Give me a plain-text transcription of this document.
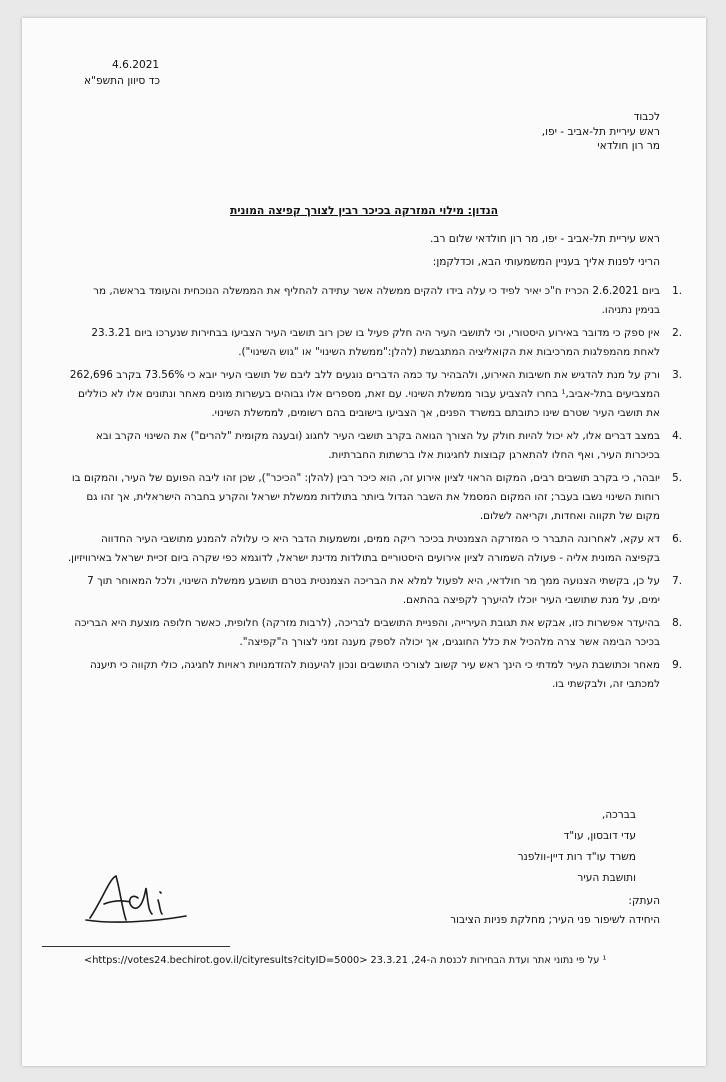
4.6.2021
כד סיוון התשפ"א
לכבוד
ראש עיריית תל-אביב - יפו,
מר רון חולדאי
הנדון: מילוי המזרקה בכיכר רבין לצורך קפיצה המונית
ראש עיריית תל-אביב - יפו, מר רון חולדאי שלום רב.
הריני לפנות אליך בעניין המשמעותי הבא, וכדלקמן:
.1
ביום 2.6.2021 הכריז ח"כ יאיר לפיד כי עלה בידו להקים ממשלה אשר עתידה להחליף את הממשלה הנוכחית והעומד בראשה, מר בנימין נתניהו.
.2
אין ספק כי מדובר באירוע היסטורי, וכי לתושבי העיר היה חלק פעיל בו שכן רוב תושבי העיר הצביעו בבחירות שנערכו ביום 23.3.21 לאחת מהמפלגות המרכיבות את הקואליציה המתגבשת (להלן:"ממשלת השינוי" או "גוש השינוי").
.3
ורק על מנת להדגיש את חשיבות האירוע, ולהבהיר עד כמה הדברים נוגעים ללב ליבם של תושבי העיר יובא כי 73.56% בקרב 262,696 המצביעים בתל-אביב,¹ בחרו להצביע עבור ממשלת השינוי. עם זאת, מספרים אלו גבוהים בעשרות מונים מאחר ונתונים אלו לא כוללים את תושבי העיר שטרם שינו כתובתם במשרד הפנים, אך הצביעו בישובים בהם רשומים, לממשלת השינוי.
.4
במצב דברים אלו, לא יכול להיות חולק על הצורך הגואה בקרב תושבי העיר לחגוג (ובעגה מקומית "להרים") את השינוי הקרב ובא בכיכרות העיר, ואף החלו להתארגן קבוצות לחגיגות אלו ברשתות החברתיות.
.5
יובהר, כי בקרב תושבים רבים, המקום הראוי לציון אירוע זה, הוא כיכר רבין (להלן: "הכיכר"), שכן זהו ליבה הפועם של העיר, והמקום בו רוחות השינוי נשבו בעבר; זהו המקום המסמל את השבר הגדול ביותר בתולדות ממשלת ישראל והקרע בחברה הישראלית, אך זהו גם מקום של תקווה ואחדות, וקריאה לשלום.
.6
דא עקא, לאחרונה התברר כי המזרקה הצמנטית בכיכר ריקה ממים, ומשמעות הדבר היא כי עלולה להמנע מתושבי העיר החדווה בקפיצה המונית אליה - פעולה השמורה לציון אירועים היסטוריים בתולדות מדינת ישראל, לדוגמא כפי שקרה ביום זכיית ישראל באירוויזיון.
.7
על כן, בקשתי הצנועה ממך מר חולדאי, היא לפעול למלא את הבריכה הצמנטית בטרם תושבע ממשלת השינוי, ולכל המאוחר תוך 7 ימים, על מנת שתושבי העיר יוכלו להיערך לקפיצה בהתאם.
.8
בהיעדר אפשרות כזו, אבקש את תגובת העירייה, והפניית התושבים לבריכה, (לרבות מזרקה) חלופית, כאשר חלופה מוצעת היא הבריכה בכיכר הבימה אשר צרה מלהכיל את כלל החוגגים, אך יכולה לספק מענה זמני לצורך ה"קפיצה".
.9
מאחר וכתושבת העיר למדתי כי הינך ראש עיר קשוב לצורכי התושבים ונכון להיענות להזדמנויות ראויות לחגיגה, כולי תקווה כי תיענה למכתבי זה, ולבקשתי בו.
בברכה,
עדי דובסון, עו"ד
משרד עו"ד רות דיין-וולפנר
ותושבת העיר
העתק:
היחידה לשיפור פני העיר; מחלקת פניות הציבור
¹ על פי נתוני אתר ועדת הבחירות לכנסת ה-24, 23.3.21 <https://votes24.bechirot.gov.il/cityresults?cityID=5000>
